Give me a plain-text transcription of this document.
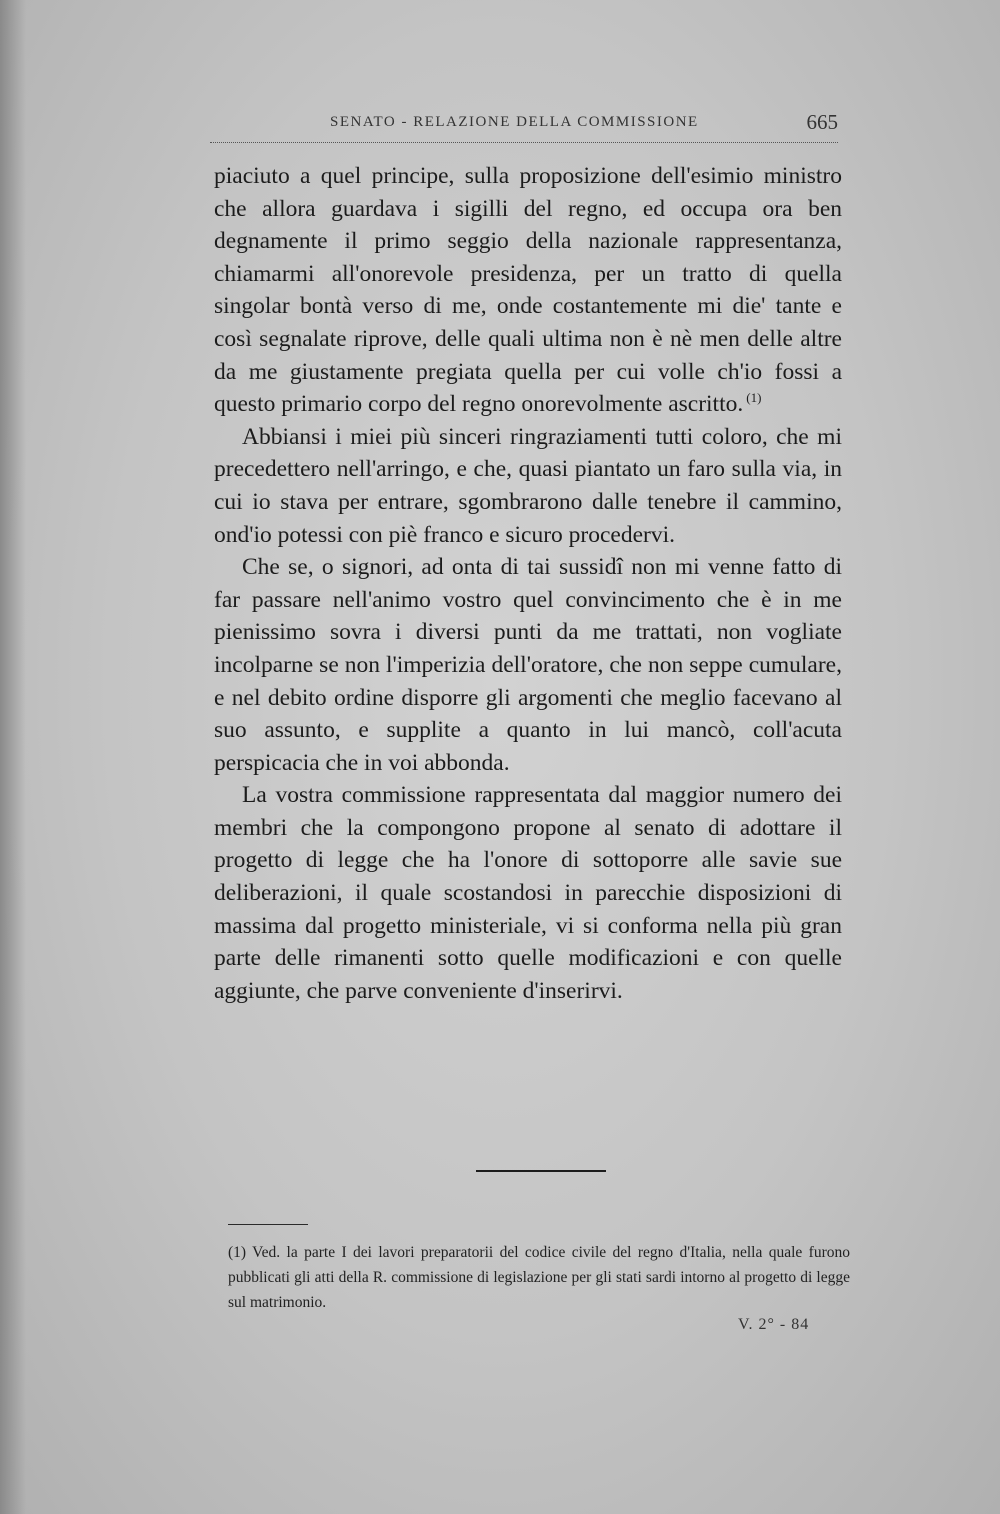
SENATO - RELAZIONE DELLA COMMISSIONE	665

piaciuto a quel principe, sulla proposizione dell'esimio ministro che allora guardava i sigilli del regno, ed occupa ora ben degnamente il primo seggio della nazionale rappresentanza, chiamarmi all'onorevole presidenza, per un tratto di quella singolar bontà verso di me, onde costantemente mi die' tante e così segnalate riprove, delle quali ultima non è nè men delle altre da me giustamente pregiata quella per cui volle ch'io fossi a questo primario corpo del regno onorevolmente ascritto. $^{(1)}$

Abbiansi i miei più sinceri ringraziamenti tutti coloro, che mi precedettero nell'arringo, e che, quasi piantato un faro sulla via, in cui io stava per entrare, sgombrarono dalle tenebre il cammino, ond'io potessi con piè franco e sicuro procedervi.

Che se, o signori, ad onta di tai sussidî non mi venne fatto di far passare nell'animo vostro quel convincimento che è in me pienissimo sovra i diversi punti da me trattati, non vogliate incolparne se non l'imperizia dell'oratore, che non seppe cumulare, e nel debito ordine disporre gli argomenti che meglio facevano al suo assunto, e supplite a quanto in lui mancò, coll'acuta perspicacia che in voi abbonda.

La vostra commissione rappresentata dal maggior numero dei membri che la compongono propone al senato di adottare il progetto di legge che ha l'onore di sottoporre alle savie sue deliberazioni, il quale scostandosi in parecchie disposizioni di massima dal progetto ministeriale, vi si conforma nella più gran parte delle rimanenti sotto quelle modificazioni e con quelle aggiunte, che parve conveniente d'inserirvi.

(1) Ved. la parte I dei lavori preparatorii del codice civile del regno d'Italia, nella quale furono pubblicati gli atti della R. commissione di legislazione per gli stati sardi intorno al progetto di legge sul matrimonio.
V. 2° - 84
